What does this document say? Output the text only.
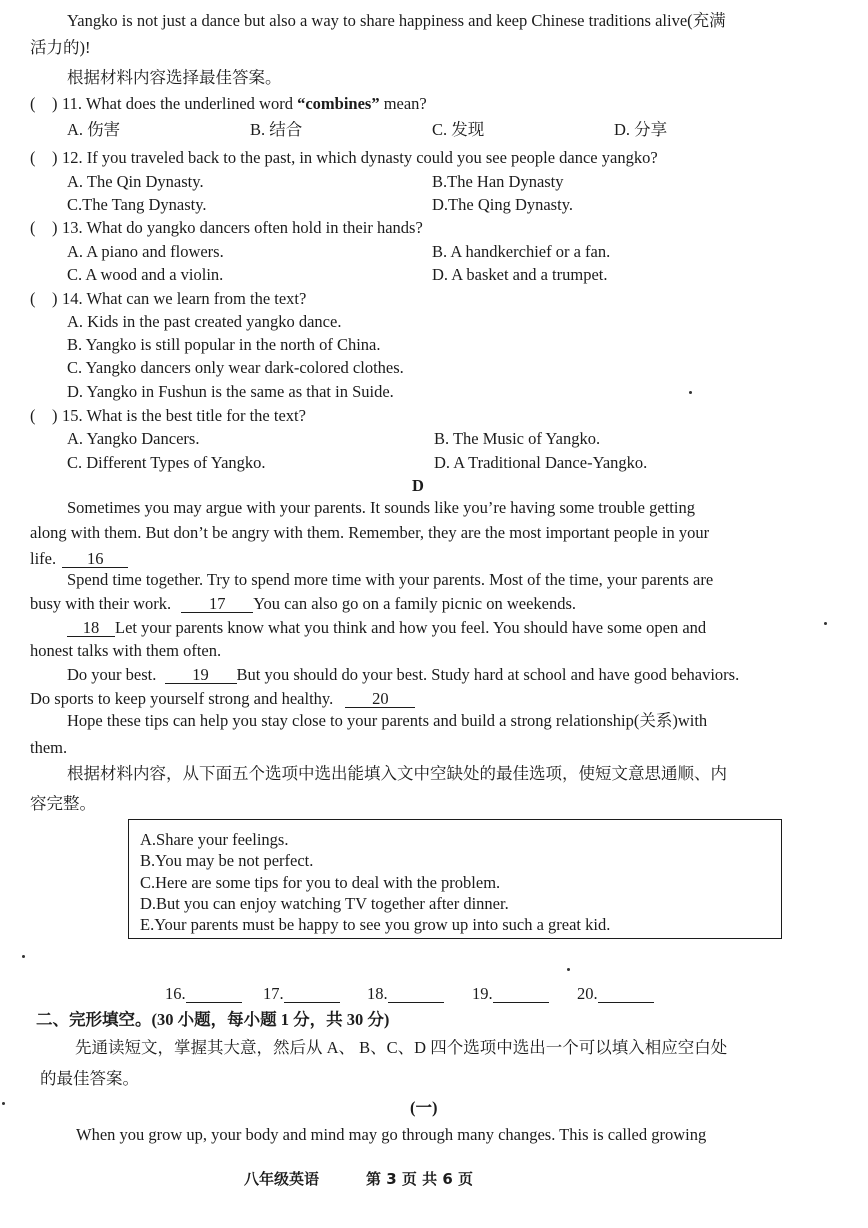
Yangko is not just a dance but also a way to share happiness and keep Chinese traditions alive(充满
活力的)!
根据材料内容选择最佳答案。
(　) 11. What does the underlined word “combines” mean?
A. 伤害	B. 结合	C. 发现	D. 分享
(　) 12. If you traveled back to the past, in which dynasty could you see people dance yangko?
A. The Qin Dynasty.	B.The Han Dynasty
C.The Tang Dynasty.	D.The Qing Dynasty.
(　) 13. What do yangko dancers often hold in their hands?
A. A piano and flowers.	B. A handkerchief or a fan.
C. A wood and a violin.	D. A basket and a trumpet.
(　) 14. What can we learn from the text?
A. Kids in the past created yangko dance.
B. Yangko is still popular in the north of China.
C. Yangko dancers only wear dark-colored clothes.
D. Yangko in Fushun is the same as that in Suide.
(　) 15. What is the best title for the text?
A. Yangko Dancers.	B. The Music of Yangko.
C. Different Types of Yangko.	D. A Traditional Dance-Yangko.
D
Sometimes you may argue with your parents. It sounds like you’re having some trouble getting
along with them. But don’t be angry with them. Remember, they are the most important people in your
life. 16
Spend time together. Try to spend more time with your parents. Most of the time, your parents are
busy with their work. 17 You can also go on a family picnic on weekends.
18 Let your parents know what you think and how you feel. You should have some open and
honest talks with them often.
Do your best. 19 But you should do your best. Study hard at school and have good behaviors.
Do sports to keep yourself strong and healthy. 20
Hope these tips can help you stay close to your parents and build a strong relationship(关系)with
them.
根据材料内容，从下面五个选项中选出能填入文中空缺处的最佳选项，使短文意思通顺、内
容完整。
A.Share your feelings.
B.You may be not perfect.
C.Here are some tips for you to deal with the problem.
D.But you can enjoy watching TV together after dinner.
E.Your parents must be happy to see you grow up into such a great kid.
16.	17.	18.	19.	20.
二、完形填空。(30 小题，每小题 1 分，共 30 分)
先通读短文，掌握其大意，然后从 A、 B、C、D 四个选项中选出一个可以填入相应空白处
的最佳答案。
(一)
When you grow up, your body and mind may go through many changes. This is called growing
八年级英语	第 3 页 共 6 页
